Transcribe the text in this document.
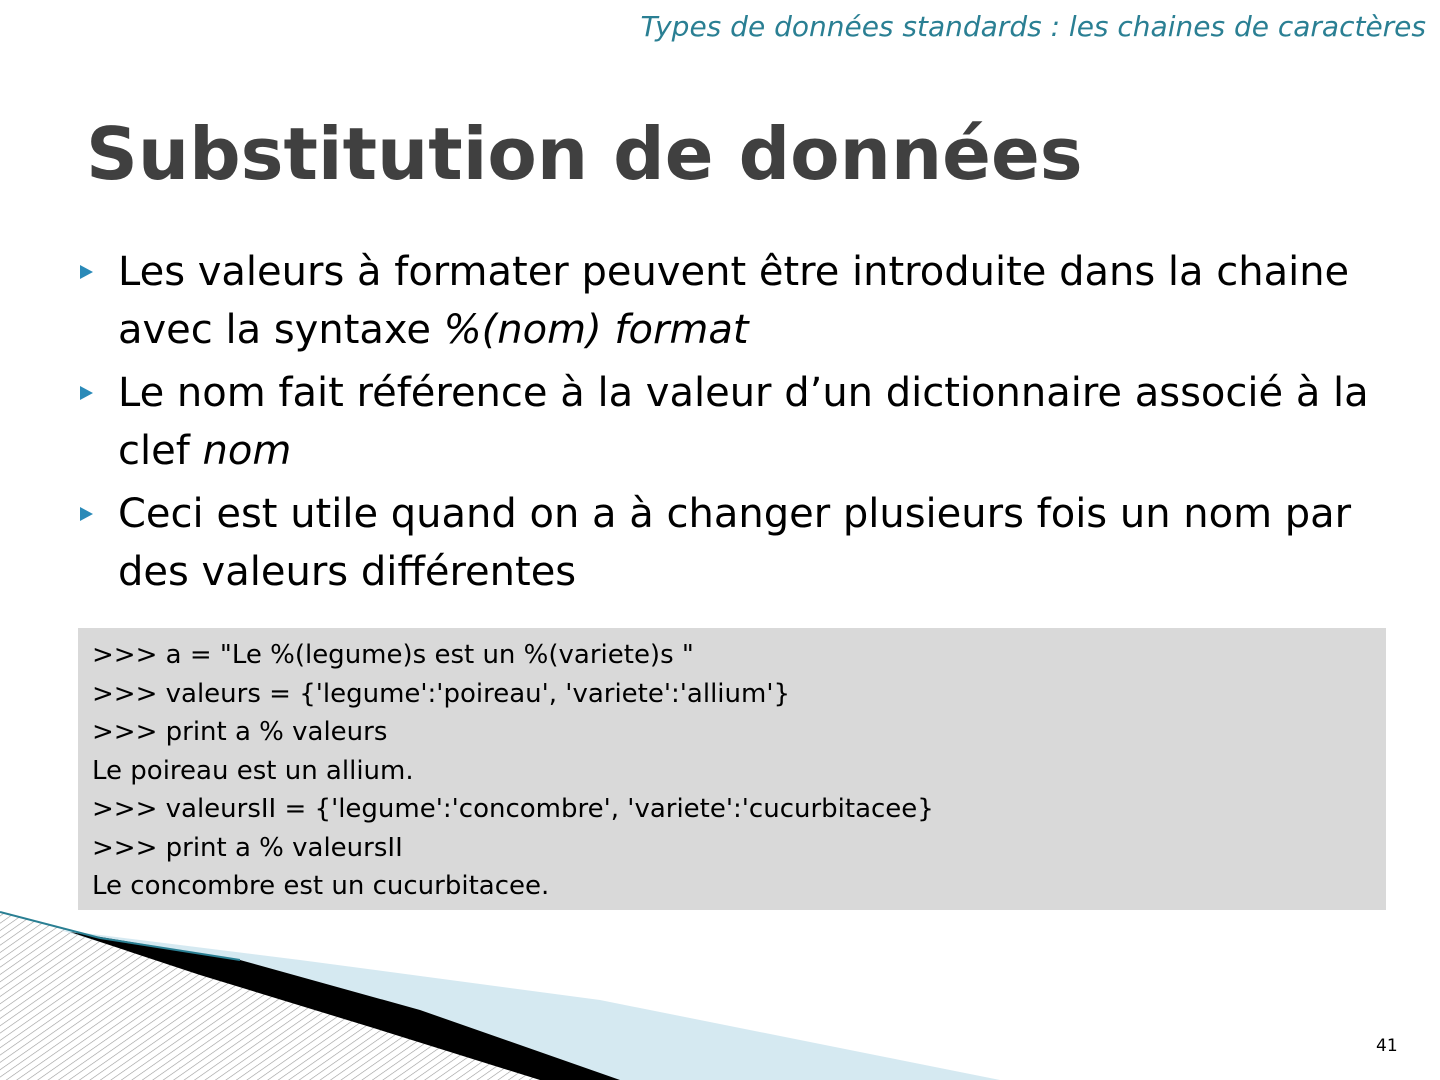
Types de données standards : les chaines de caractères
Substitution de données
Les valeurs à formater peuvent être introduite dans la chaine avec la syntaxe %(nom) format
Le nom fait référence à la valeur d’un dictionnaire associé à la clef nom
Ceci est utile quand on a à changer plusieurs fois un nom par des valeurs différentes
>>> a = "Le %(legume)s est un %(variete)s "
>>> valeurs = {'legume':'poireau', 'variete':'allium'}
>>> print a % valeurs
Le poireau est un allium.
>>> valeursII = {'legume':'concombre', 'variete':'cucurbitacee}
>>> print a % valeursII
Le concombre est un cucurbitacee.
41
